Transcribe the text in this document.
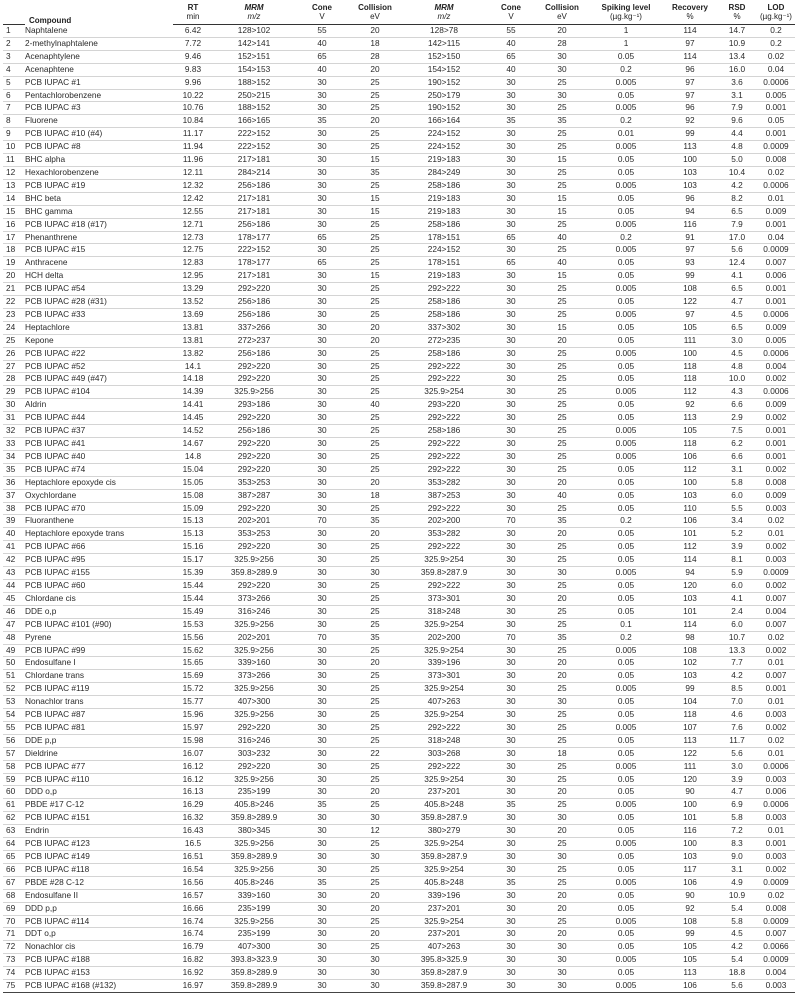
	Compound	RT	MRM	Cone	Collision	MRM	Cone	Collision	Spiking level	Recovery	RSD	LOD
		min	m/z	V	eV	m/z	V	eV	(µg.kg⁻¹)	%	%	(µg.kg⁻¹)
1	Naphtalene	6.42	128>102	55	20	128>78	55	20	1	114	14.7	0.2
2	2-methylnaphtalene	7.72	142>141	40	18	142>115	40	28	1	97	10.9	0.2
3	Acenaphtylene	9.46	152>151	65	28	152>150	65	30	0.05	114	13.4	0.02
4	Acenaphtene	9.83	154>153	40	20	154>152	40	30	0.2	96	16.0	0.04
5	PCB IUPAC #1	9.96	188>152	30	25	190>152	30	25	0.005	97	3.6	0.0006
6	Pentachlorobenzene	10.22	250>215	30	25	250>179	30	30	0.05	97	3.1	0.005
7	PCB IUPAC #3	10.76	188>152	30	25	190>152	30	25	0.005	96	7.9	0.001
8	Fluorene	10.84	166>165	35	20	166>164	35	35	0.2	92	9.6	0.05
9	PCB IUPAC #10 (#4)	11.17	222>152	30	25	224>152	30	25	0.01	99	4.4	0.001
10	PCB IUPAC #8	11.94	222>152	30	25	224>152	30	25	0.005	113	4.8	0.0009
11	BHC alpha	11.96	217>181	30	15	219>183	30	15	0.05	100	5.0	0.008
12	Hexachlorobenzene	12.11	284>214	30	35	284>249	30	25	0.05	103	10.4	0.02
13	PCB IUPAC #19	12.32	256>186	30	25	258>186	30	25	0.005	103	4.2	0.0006
14	BHC beta	12.42	217>181	30	15	219>183	30	15	0.05	96	8.2	0.01
15	BHC gamma	12.55	217>181	30	15	219>183	30	15	0.05	94	6.5	0.009
16	PCB IUPAC #18 (#17)	12.71	256>186	30	25	258>186	30	25	0.005	116	7.9	0.001
17	Phenanthrene	12.73	178>177	65	25	178>151	65	40	0.2	91	17.0	0.04
18	PCB IUPAC #15	12.75	222>152	30	25	224>152	30	25	0.005	97	5.6	0.0009
19	Anthracene	12.83	178>177	65	25	178>151	65	40	0.05	93	12.4	0.007
20	HCH delta	12.95	217>181	30	15	219>183	30	15	0.05	99	4.1	0.006
21	PCB IUPAC #54	13.29	292>220	30	25	292>222	30	25	0.005	108	6.5	0.001
22	PCB IUPAC #28 (#31)	13.52	256>186	30	25	258>186	30	25	0.05	122	4.7	0.001
23	PCB IUPAC #33	13.69	256>186	30	25	258>186	30	25	0.005	97	4.5	0.0006
24	Heptachlore	13.81	337>266	30	20	337>302	30	15	0.05	105	6.5	0.009
25	Kepone	13.81	272>237	30	20	272>235	30	20	0.05	111	3.0	0.005
26	PCB IUPAC #22	13.82	256>186	30	25	258>186	30	25	0.005	100	4.5	0.0006
27	PCB IUPAC #52	14.1	292>220	30	25	292>222	30	25	0.05	118	4.8	0.004
28	PCB IUPAC #49 (#47)	14.18	292>220	30	25	292>222	30	25	0.05	118	10.0	0.002
29	PCB IUPAC #104	14.39	325.9>256	30	25	325.9>254	30	25	0.005	112	4.3	0.0006
30	Aldrin	14.41	293>186	30	40	293>220	30	25	0.05	92	6.6	0.009
31	PCB IUPAC #44	14.45	292>220	30	25	292>222	30	25	0.05	113	2.9	0.002
32	PCB IUPAC #37	14.52	256>186	30	25	258>186	30	25	0.005	105	7.5	0.001
33	PCB IUPAC #41	14.67	292>220	30	25	292>222	30	25	0.005	118	6.2	0.001
34	PCB IUPAC #40	14.8	292>220	30	25	292>222	30	25	0.005	106	6.6	0.001
35	PCB IUPAC #74	15.04	292>220	30	25	292>222	30	25	0.05	112	3.1	0.002
36	Heptachlore epoxyde cis	15.05	353>253	30	20	353>282	30	20	0.05	100	5.8	0.008
37	Oxychlordane	15.08	387>287	30	18	387>253	30	40	0.05	103	6.0	0.009
38	PCB IUPAC #70	15.09	292>220	30	25	292>222	30	25	0.05	110	5.5	0.003
39	Fluoranthene	15.13	202>201	70	35	202>200	70	35	0.2	106	3.4	0.02
40	Heptachlore epoxyde trans	15.13	353>253	30	20	353>282	30	20	0.05	101	5.2	0.01
41	PCB IUPAC #66	15.16	292>220	30	25	292>222	30	25	0.05	112	3.9	0.002
42	PCB IUPAC #95	15.17	325.9>256	30	25	325.9>254	30	25	0.05	114	8.1	0.003
43	PCB IUPAC #155	15.39	359.8>289.9	30	30	359.8>287.9	30	30	0.005	94	5.9	0.0009
44	PCB IUPAC #60	15.44	292>220	30	25	292>222	30	25	0.05	120	6.0	0.002
45	Chlordane cis	15.44	373>266	30	25	373>301	30	20	0.05	103	4.1	0.007
46	DDE o,p	15.49	316>246	30	25	318>248	30	25	0.05	101	2.4	0.004
47	PCB IUPAC #101 (#90)	15.53	325.9>256	30	25	325.9>254	30	25	0.1	114	6.0	0.007
48	Pyrene	15.56	202>201	70	35	202>200	70	35	0.2	98	10.7	0.02
49	PCB IUPAC #99	15.62	325.9>256	30	25	325.9>254	30	25	0.005	108	13.3	0.002
50	Endosulfane I	15.65	339>160	30	20	339>196	30	20	0.05	102	7.7	0.01
51	Chlordane trans	15.69	373>266	30	25	373>301	30	20	0.05	103	4.2	0.007
52	PCB IUPAC #119	15.72	325.9>256	30	25	325.9>254	30	25	0.005	99	8.5	0.001
53	Nonachlor trans	15.77	407>300	30	25	407>263	30	30	0.05	104	7.0	0.01
54	PCB IUPAC #87	15.96	325.9>256	30	25	325.9>254	30	25	0.05	118	4.6	0.003
55	PCB IUPAC #81	15.97	292>220	30	25	292>222	30	25	0.005	107	7.6	0.002
56	DDE p,p	15.98	316>246	30	25	318>248	30	25	0.05	113	11.7	0.02
57	Dieldrine	16.07	303>232	30	22	303>268	30	18	0.05	122	5.6	0.01
58	PCB IUPAC #77	16.12	292>220	30	25	292>222	30	25	0.005	111	3.0	0.0006
59	PCB IUPAC #110	16.12	325.9>256	30	25	325.9>254	30	25	0.05	120	3.9	0.003
60	DDD o,p	16.13	235>199	30	20	237>201	30	20	0.05	90	4.7	0.006
61	PBDE #17 C-12	16.29	405.8>246	35	25	405.8>248	35	25	0.005	100	6.9	0.0006
62	PCB IUPAC #151	16.32	359.8>289.9	30	30	359.8>287.9	30	30	0.05	101	5.8	0.003
63	Endrin	16.43	380>345	30	12	380>279	30	20	0.05	116	7.2	0.01
64	PCB IUPAC #123	16.5	325.9>256	30	25	325.9>254	30	25	0.005	100	8.3	0.001
65	PCB IUPAC #149	16.51	359.8>289.9	30	30	359.8>287.9	30	30	0.05	103	9.0	0.003
66	PCB IUPAC #118	16.54	325.9>256	30	25	325.9>254	30	25	0.05	117	3.1	0.002
67	PBDE #28 C-12	16.56	405.8>246	35	25	405.8>248	35	25	0.005	106	4.9	0.0009
68	Endosulfane II	16.57	339>160	30	20	339>196	30	20	0.05	90	10.9	0.02
69	DDD p,p	16.66	235>199	30	20	237>201	30	20	0.05	92	5.4	0.008
70	PCB IUPAC #114	16.74	325.9>256	30	25	325.9>254	30	25	0.005	108	5.8	0.0009
71	DDT o,p	16.74	235>199	30	20	237>201	30	20	0.05	99	4.5	0.007
72	Nonachlor cis	16.79	407>300	30	25	407>263	30	30	0.05	105	4.2	0.0066
73	PCB IUPAC #188	16.82	393.8>323.9	30	30	395.8>325.9	30	30	0.005	105	5.4	0.0009
74	PCB IUPAC #153	16.92	359.8>289.9	30	30	359.8>287.9	30	30	0.05	113	18.8	0.004
75	PCB IUPAC #168 (#132)	16.97	359.8>289.9	30	30	359.8>287.9	30	30	0.005	106	5.6	0.003
